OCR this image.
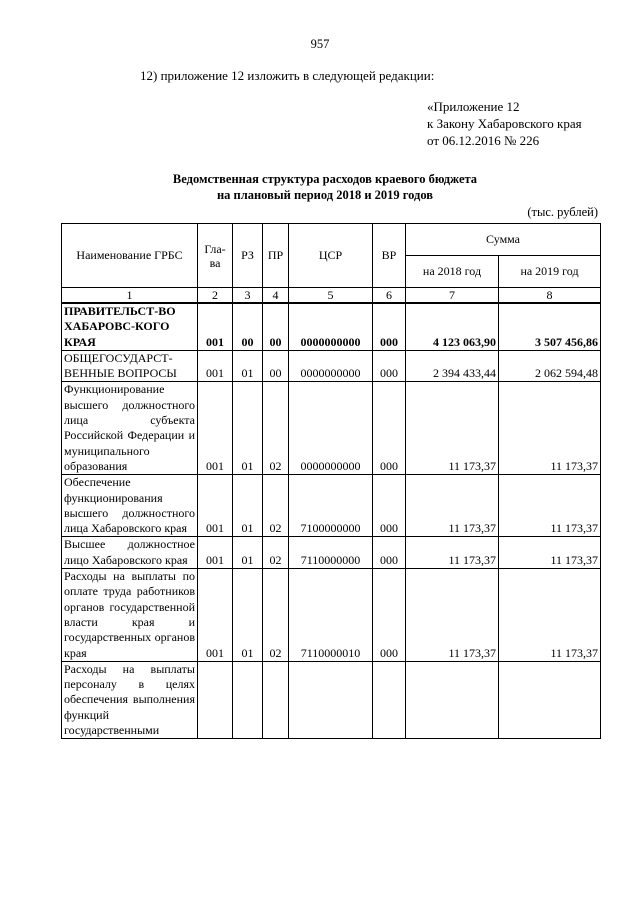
957
12) приложение 12 изложить в следующей редакции:
«Приложение 12
к Закону Хабаровского края
от 06.12.2016 № 226
Ведомственная структура расходов краевого бюджета
на плановый период 2018 и 2019 годов
(тыс. рублей)
Наименование ГРБС	Гла-ва	РЗ	ПР	ЦСР	ВР	Сумма	
						на 2018 год	на 2019 год
1	2	3	4	5	6	7	8
ПРАВИТЕЛЬСТ-ВО ХАБАРОВС-КОГО КРАЯ	001	00	00	0000000000	000	4 123 063,90	3 507 456,86
ОБЩЕГОСУДАРСТ-ВЕННЫЕ ВОПРОСЫ	001	01	00	0000000000	000	2 394 433,44	2 062 594,48
Функционирование высшего должностного лица субъекта Российской Федерации и муниципального образования	001	01	02	0000000000	000	11 173,37	11 173,37
Обеспечение функционирования высшего должностного лица Хабаровского края	001	01	02	7100000000	000	11 173,37	11 173,37
Высшее должностное лицо Хабаровского края	001	01	02	7110000000	000	11 173,37	11 173,37
Расходы на выплаты по оплате труда работников органов государственной власти края и государственных органов края	001	01	02	7110000010	000	11 173,37	11 173,37
Расходы на выплаты персоналу в целях обеспечения выполнения функций государственными							
